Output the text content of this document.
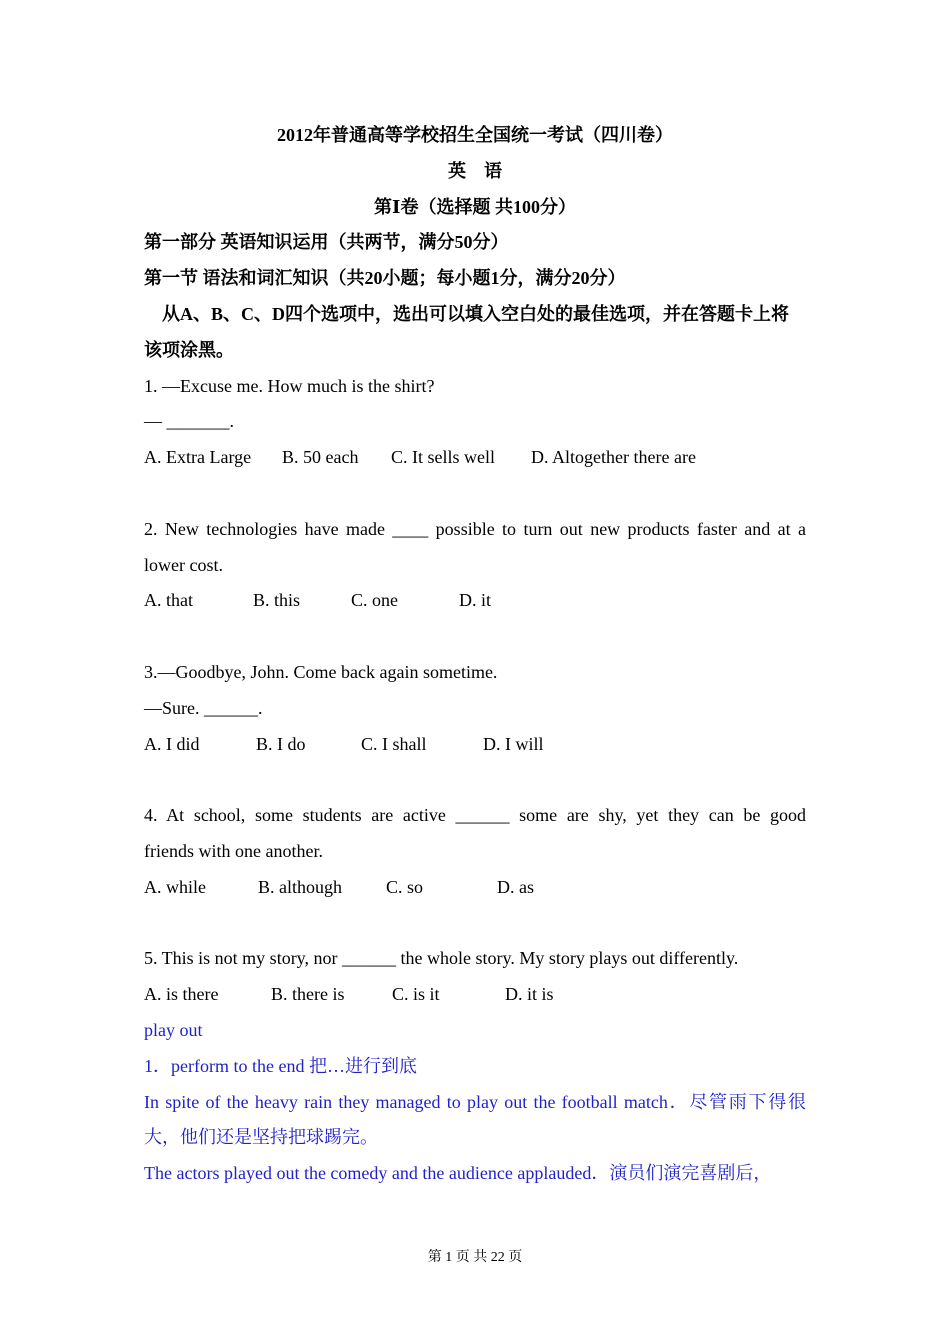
2012年普通高等学校招生全国统一考试（四川卷）
英　语
第Ⅰ卷（选择题 共100分）
第一部分 英语知识运用（共两节，满分50分）
第一节 语法和词汇知识（共20小题；每小题1分，满分20分）
从A、B、C、D四个选项中，选出可以填入空白处的最佳选项，并在答题卡上将
该项涂黑。
1. —Excuse me. How much is the shirt?
— _______.
A. Extra Large	B. 50 each	C. It sells well	D. Altogether there are
2. New technologies have made ____ possible to turn out new products faster and at a
lower cost.
A. that	B. this	C. one	D. it
3.—Goodbye, John. Come back again sometime.
—Sure. ______.
A. I did	B. I do	C. I shall	D. I will
4. At school, some students are active ______ some are shy, yet they can be good
friends with one another.
A. while	B. although	C. so	D. as
5. This is not my story, nor ______ the whole story. My story plays out differently.
A. is there	B. there is	C. is it	D. it is
play out
1．perform to the end 把…进行到底
In spite of the heavy rain they managed to play out the football match．尽管雨下得很
大，他们还是坚持把球踢完。
The actors played out the comedy and the audience applauded．演员们演完喜剧后，
第 1 页 共 22 页
